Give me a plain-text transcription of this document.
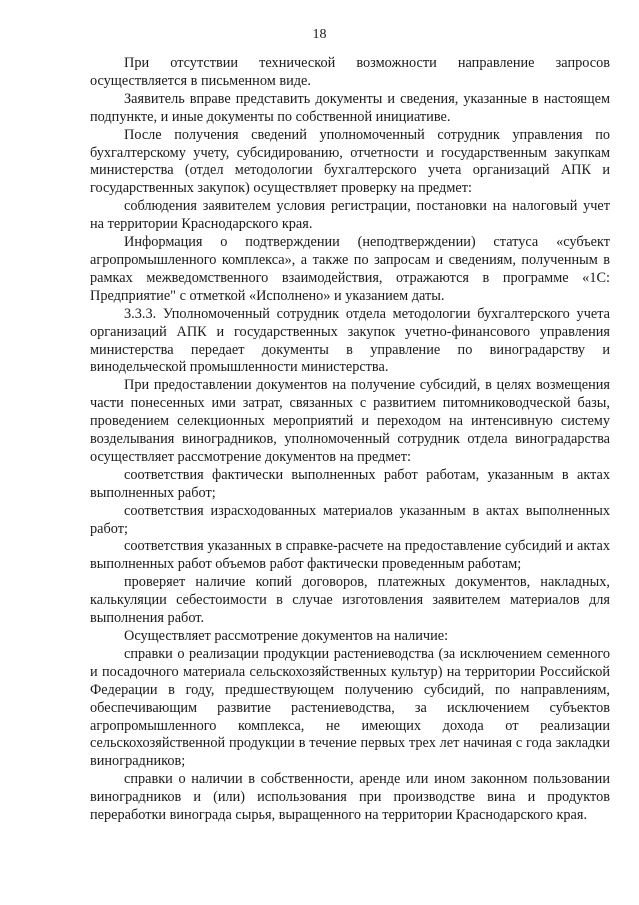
18

При отсутствии технической возможности направление запросов осуществляется в письменном виде.

Заявитель вправе представить документы и сведения, указанные в настоящем подпункте, и иные документы по собственной инициативе.

После получения сведений уполномоченный сотрудник управления по бухгалтерскому учету, субсидированию, отчетности и государственным закупкам министерства (отдел методологии бухгалтерского учета организаций АПК и государственных закупок) осуществляет проверку на предмет:

соблюдения заявителем условия регистрации, постановки на налоговый учет на территории Краснодарского края.

Информация о подтверждении (неподтверждении) статуса «субъект агропромышленного комплекса», а также по запросам и сведениям, полученным в рамках межведомственного взаимодействия, отражаются в программе «1С: Предприятие" с отметкой «Исполнено» и указанием даты.

3.3.3. Уполномоченный сотрудник отдела методологии бухгалтерского учета организаций АПК и государственных закупок учетно-финансового управления министерства передает документы в управление по виноградарству и винодельческой промышленности министерства.

При предоставлении документов на получение субсидий, в целях возмещения части понесенных ими затрат, связанных с развитием питомниководческой базы, проведением селекционных мероприятий и переходом на интенсивную систему возделывания виноградников, уполномоченный сотрудник отдела виноградарства осуществляет рассмотрение документов на предмет:

соответствия фактически выполненных работ работам, указанным в актах выполненных работ;

соответствия израсходованных материалов указанным в актах выполненных работ;

соответствия указанных в справке-расчете на предоставление субсидий и актах выполненных работ объемов работ фактически проведенным работам;

проверяет наличие копий договоров, платежных документов, накладных, калькуляции себестоимости в случае изготовления заявителем материалов для выполнения работ.

Осуществляет рассмотрение документов на наличие:

справки о реализации продукции растениеводства (за исключением семенного и посадочного материала сельскохозяйственных культур) на территории Российской Федерации в году, предшествующем получению субсидий, по направлениям, обеспечивающим развитие растениеводства, за исключением субъектов агропромышленного комплекса, не имеющих дохода от реализации сельскохозяйственной продукции в течение первых трех лет начиная с года закладки виноградников;

справки о наличии в собственности, аренде или ином законном пользовании виноградников и (или) использования при производстве вина и продуктов переработки винограда сырья, выращенного на территории Краснодарского края.
